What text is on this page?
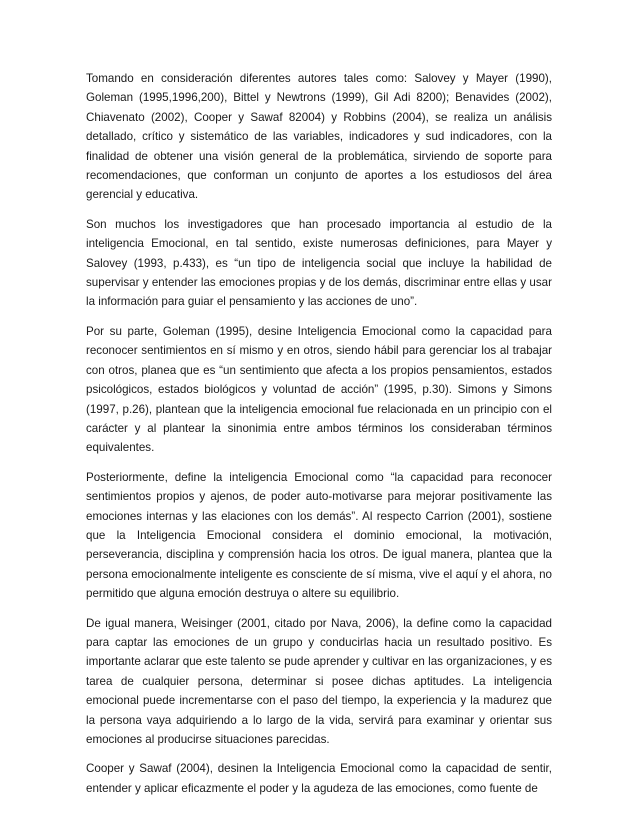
Tomando en consideración diferentes autores tales como: Salovey y Mayer (1990), Goleman (1995,1996,200), Bittel y Newtrons (1999), Gil Adi 8200); Benavides (2002), Chiavenato (2002), Cooper y Sawaf 82004) y Robbins (2004), se realiza un análisis detallado, crítico y sistemático de las variables, indicadores y sud indicadores, con la finalidad de obtener una visión general de la problemática, sirviendo de soporte para recomendaciones, que conforman un conjunto de aportes a los estudiosos del área gerencial y educativa.

Son muchos los investigadores que han procesado importancia al estudio de la inteligencia Emocional, en tal sentido, existe numerosas definiciones, para Mayer y Salovey (1993, p.433), es “un tipo de inteligencia social que incluye la habilidad de supervisar y entender las emociones propias y de los demás, discriminar entre ellas y usar la información para guiar el pensamiento y las acciones de uno”.

Por su parte, Goleman (1995), desine Inteligencia Emocional como la capacidad para reconocer sentimientos en sí mismo y en otros, siendo hábil para gerenciar los al trabajar con otros, planea que es “un sentimiento que afecta a los propios pensamientos, estados psicológicos, estados biológicos y voluntad de acción” (1995, p.30). Simons y Simons (1997, p.26), plantean que la inteligencia emocional fue relacionada en un principio con el carácter y al plantear la sinonimia entre ambos términos los consideraban términos equivalentes.

Posteriormente, define la inteligencia Emocional como “la capacidad para reconocer sentimientos propios y ajenos, de poder auto-motivarse para mejorar positivamente las emociones internas y las elaciones con los demás”. Al respecto Carrion (2001), sostiene que la Inteligencia Emocional considera el dominio emocional, la motivación, perseverancia, disciplina y comprensión hacia los otros. De igual manera, plantea que la persona emocionalmente inteligente es consciente de sí misma, vive el aquí y el ahora, no permitido que alguna emoción destruya o altere su equilibrio.

De igual manera, Weisinger (2001, citado por Nava, 2006), la define como la capacidad para captar las emociones de un grupo y conducirlas hacia un resultado positivo. Es importante aclarar que este talento se pude aprender y cultivar en las organizaciones, y es tarea de cualquier persona, determinar si posee dichas aptitudes. La inteligencia emocional puede incrementarse con el paso del tiempo, la experiencia y la madurez que la persona vaya adquiriendo a lo largo de la vida, servirá para examinar y orientar sus emociones al producirse situaciones parecidas.

Cooper y Sawaf (2004), desinen la Inteligencia Emocional como la capacidad de sentir, entender y aplicar eficazmente el poder y la agudeza de las emociones, como fuente de
